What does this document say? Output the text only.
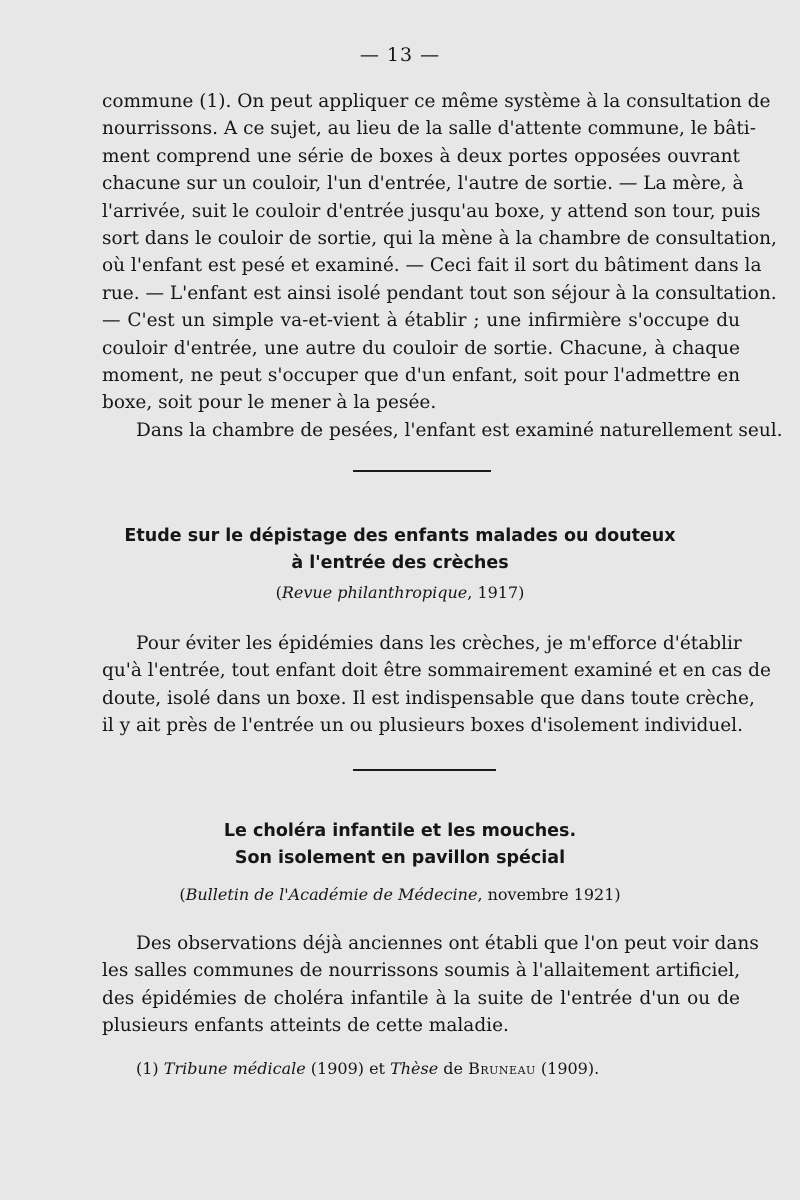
— 13 —

commune (1). On peut appliquer ce même système à la consultation de
nourrissons. A ce sujet, au lieu de la salle d'attente commune, le bâti-
ment comprend une série de boxes à deux portes opposées ouvrant
chacune sur un couloir, l'un d'entrée, l'autre de sortie. — La mère, à
l'arrivée, suit le couloir d'entrée jusqu'au boxe, y attend son tour, puis
sort dans le couloir de sortie, qui la mène à la chambre de consultation,
où l'enfant est pesé et examiné. — Ceci fait il sort du bâtiment dans la
rue. — L'enfant est ainsi isolé pendant tout son séjour à la consultation.
— C'est un simple va-et-vient à établir ; une infirmière s'occupe du
couloir d'entrée, une autre du couloir de sortie. Chacune, à chaque
moment, ne peut s'occuper que d'un enfant, soit pour l'admettre en
boxe, soit pour le mener à la pesée.
Dans la chambre de pesées, l'enfant est examiné naturellement seul.

Etude sur le dépistage des enfants malades ou douteux
à l'entrée des crèches
(Revue philanthropique, 1917)

Pour éviter les épidémies dans les crèches, je m'efforce d'établir
qu'à l'entrée, tout enfant doit être sommairement examiné et en cas de
doute, isolé dans un boxe. Il est indispensable que dans toute crèche,
il y ait près de l'entrée un ou plusieurs boxes d'isolement individuel.

Le choléra infantile et les mouches.
Son isolement en pavillon spécial
(Bulletin de l'Académie de Médecine, novembre 1921)

Des observations déjà anciennes ont établi que l'on peut voir dans
les salles communes de nourrissons soumis à l'allaitement artificiel,
des épidémies de choléra infantile à la suite de l'entrée d'un ou de
plusieurs enfants atteints de cette maladie.

(1) Tribune médicale (1909) et Thèse de Bruneau (1909).
